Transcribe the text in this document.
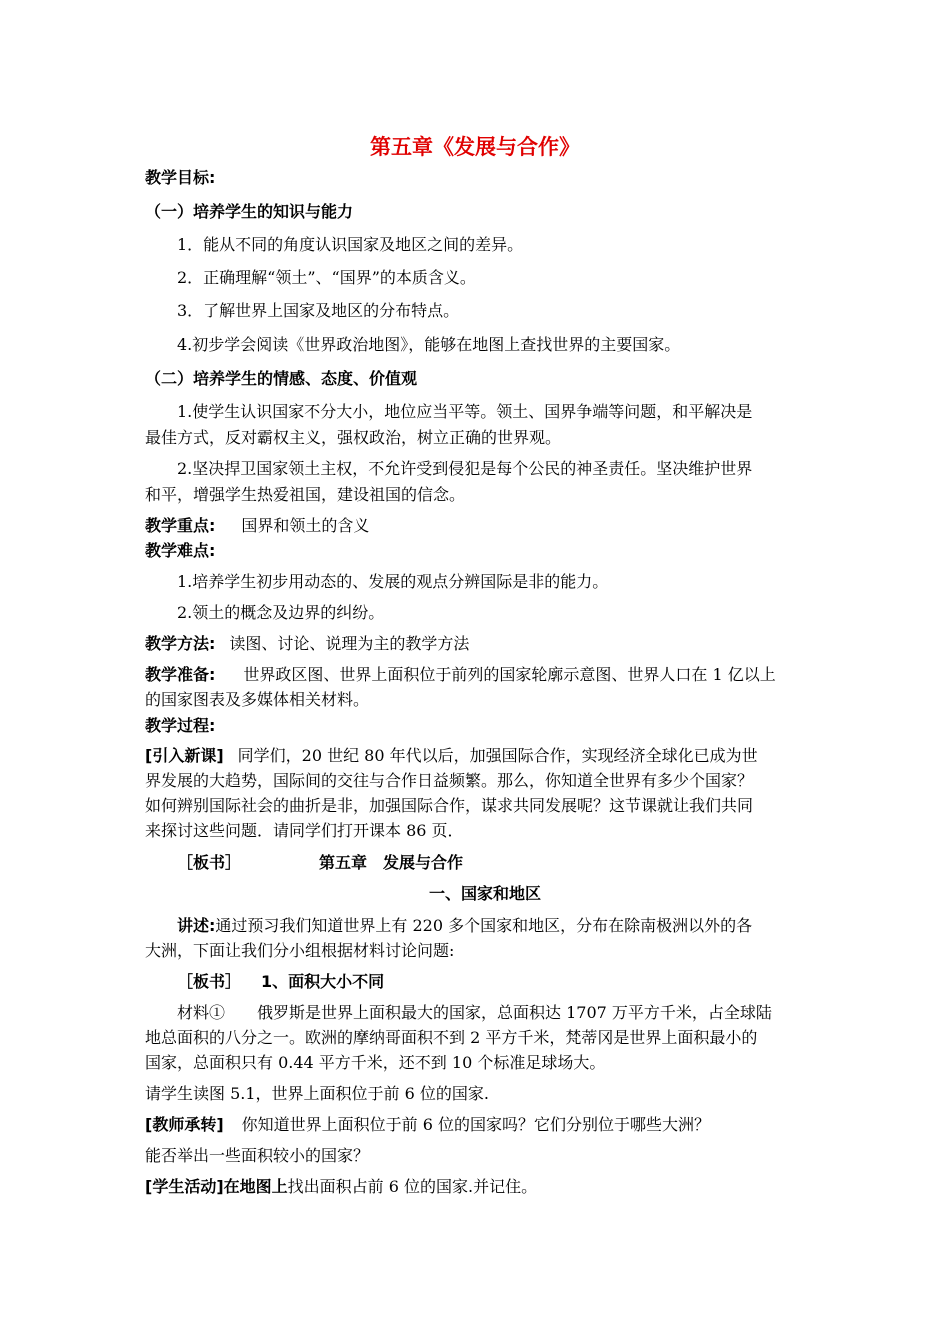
第五章《发展与合作》
教学目标:
（一）培养学生的知识与能力
1．能从不同的角度认识国家及地区之间的差异。
2．正确理解“领土”、“国界”的本质含义。
3．了解世界上国家及地区的分布特点。
4.初步学会阅读《世界政治地图》，能够在地图上查找世界的主要国家。
（二）培养学生的情感、态度、价值观
1.使学生认识国家不分大小，地位应当平等。领土、国界争端等问题，和平解决是
最佳方式，反对霸权主义，强权政治，树立正确的世界观。
2.坚决捍卫国家领土主权，不允许受到侵犯是每个公民的神圣责任。坚决维护世界
和平，增强学生热爱祖国，建设祖国的信念。
教学重点: 国界和领土的含义
教学难点:
1.培养学生初步用动态的、发展的观点分辨国际是非的能力。
2.领土的概念及边界的纠纷。
教学方法: 读图、讨论、说理为主的教学方法
教学准备: 世界政区图、世界上面积位于前列的国家轮廓示意图、世界人口在 1 亿以上
的国家图表及多媒体相关材料。
教学过程:
[引入新课] 同学们，20 世纪 80 年代以后，加强国际合作，实现经济全球化已成为世
界发展的大趋势，国际间的交往与合作日益频繁。那么，你知道全世界有多少个国家？
如何辨别国际社会的曲折是非，加强国际合作，谋求共同发展呢？这节课就让我们共同
来探讨这些问题．请同学们打开课本 86 页．
［板书］	第五章　发展与合作
一、国家和地区
讲述:通过预习我们知道世界上有 220 多个国家和地区，分布在除南极洲以外的各
大洲，下面让我们分小组根据材料讨论问题:
［板书］ 1、面积大小不同
材料①　　俄罗斯是世界上面积最大的国家，总面积达 1707 万平方千米，占全球陆
地总面积的八分之一。欧洲的摩纳哥面积不到 2 平方千米，梵蒂冈是世界上面积最小的
国家，总面积只有 0.44 平方千米，还不到 10 个标准足球场大。
请学生读图 5.1，世界上面积位于前 6 位的国家.
[教师承转] 你知道世界上面积位于前 6 位的国家吗？它们分别位于哪些大洲？
能否举出一些面积较小的国家？
[学生活动]在地图上找出面积占前 6 位的国家.并记住。
